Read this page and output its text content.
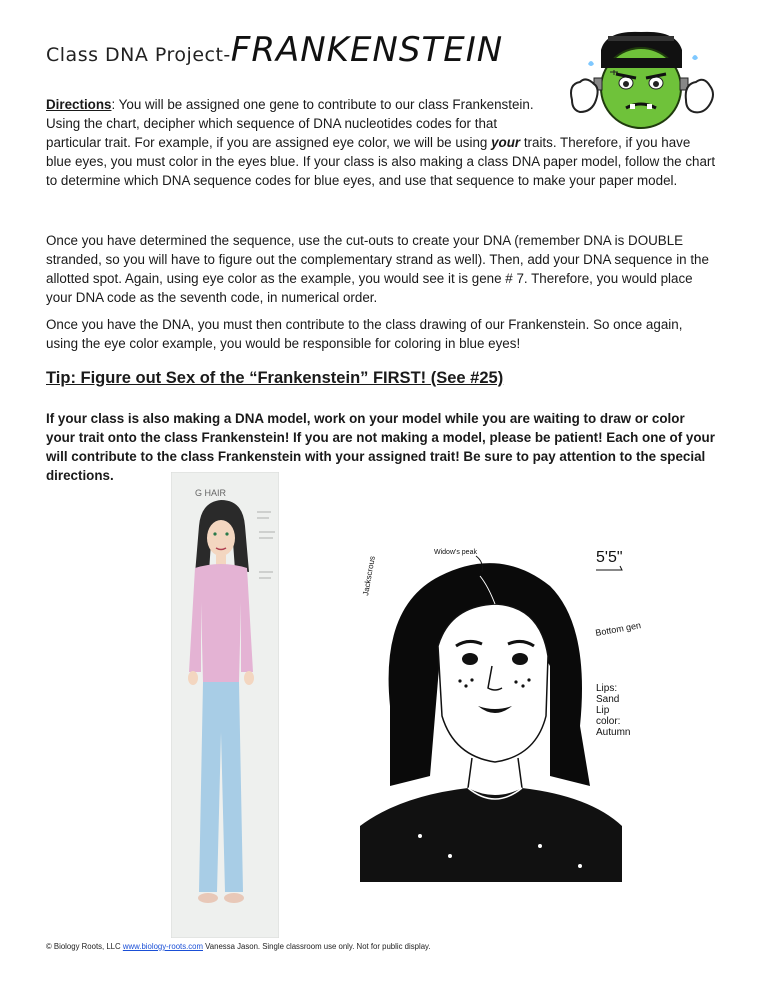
Class DNA Project-FRANKENSTEIN
Directions: You will be assigned one gene to contribute to our class Frankenstein. Using the chart, decipher which sequence of DNA nucleotides codes for that
particular trait. For example, if you are assigned eye color, we will be using your traits. Therefore, if you have blue eyes, you must color in the eyes blue. If your class is also making a class DNA paper model, follow the chart to determine which DNA sequence codes for blue eyes, and use that sequence to make your paper model.
Once you have determined the sequence, use the cut-outs to create your DNA (remember DNA is DOUBLE stranded, so you will have to figure out the complementary strand as well). Then, add your DNA sequence in the allotted spot. Again, using eye color as the example, you would see it is gene # 7. Therefore, you would place your DNA code as the seventh code, in numerical order.
Once you have the DNA, you must then contribute to the class drawing of our Frankenstein. So once again, using the eye color example, you would be responsible for coloring in blue eyes!
Tip: Figure out Sex of the “Frankenstein” FIRST! (See #25)
If your class is also making a DNA model, work on your model while you are waiting to draw or color your trait onto the class Frankenstein! If you are not making a model, please be patient! Each one of your will contribute to the class Frankenstein with your assigned trait! Be sure to pay attention to the special directions.
G HAIR
5'5"
Widow's peak
Bottom gen
Lips: Sand Lip color: Autumn
Jackscrous
© Biology Roots, LLC www.biology-roots.com Vanessa Jason. Single classroom use only. Not for public display.
